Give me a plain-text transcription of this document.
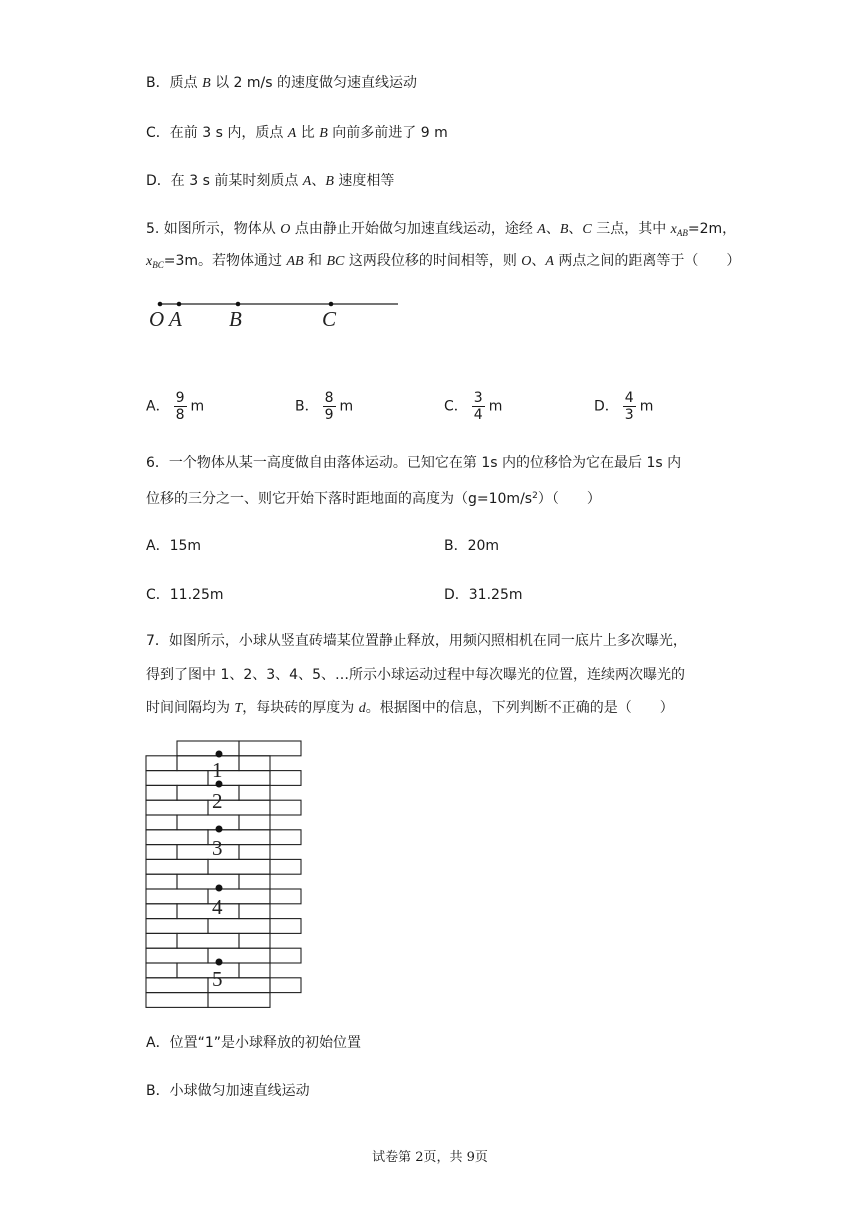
B．质点 B 以 2 m/s 的速度做匀速直线运动
C．在前 3 s 内，质点 A 比 B 向前多前进了 9 m
D．在 3 s 前某时刻质点 A、B 速度相等
5. 如图所示，物体从 O 点由静止开始做匀加速直线运动，途经 A、B、C 三点，其中 $x_{AB}=2m$，
$x_{BC}=3m$。若物体通过 AB 和 BC 这两段位移的时间相等，则 O、A 两点之间的距离等于（　　）
O A B	C
A． $\frac{9}{8}$ m	B． $\frac{8}{9}$ m	C． $\frac{3}{4}$ m	D． $\frac{4}{3}$ m
6．一个物体从某一高度做自由落体运动。已知它在第 1s 内的位移恰为它在最后 1s 内
位移的三分之一、则它开始下落时距地面的高度为$(g=10m/s^2)$（　　）
A．15m	B．20m
C．11.25m	D．31.25m
7．如图所示，小球从竖直砖墙某位置静止释放，用频闪照相机在同一底片上多次曝光，
得到了图中 1、2、3、4、5、…所示小球运动过程中每次曝光的位置，连续两次曝光的
时间间隔均为 T，每块砖的厚度为 d。根据图中的信息，下列判断不正确的是（　　）
1
2
3
4
5
A．位置“1”是小球释放的初始位置
B．小球做匀加速直线运动
试卷第 2页，共 9页
